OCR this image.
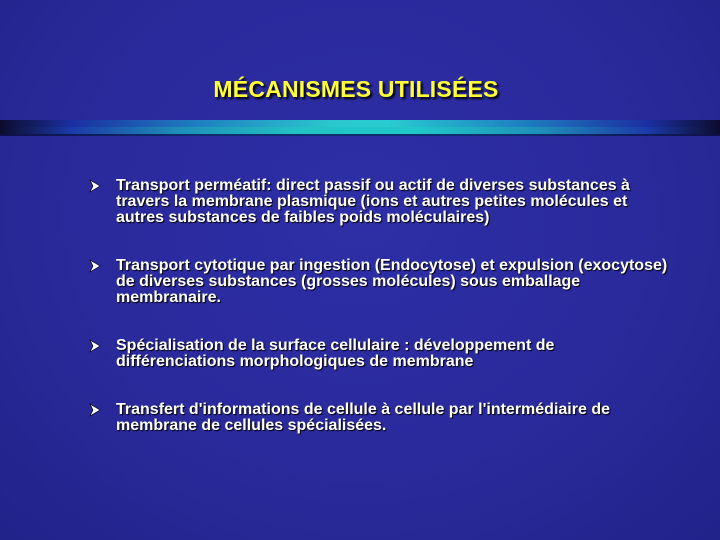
MÉCANISMES UTILISÉES
Transport perméatif: direct passif ou actif de diverses substances à travers la membrane plasmique (ions et autres petites molécules et autres substances de faibles poids moléculaires)
Transport cytotique par ingestion (Endocytose) et expulsion (exocytose) de diverses substances (grosses molécules) sous emballage membranaire.
Spécialisation de la surface cellulaire : développement de différenciations morphologiques de membrane
Transfert d'informations de cellule à cellule par l'intermédiaire de membrane de cellules spécialisées.
